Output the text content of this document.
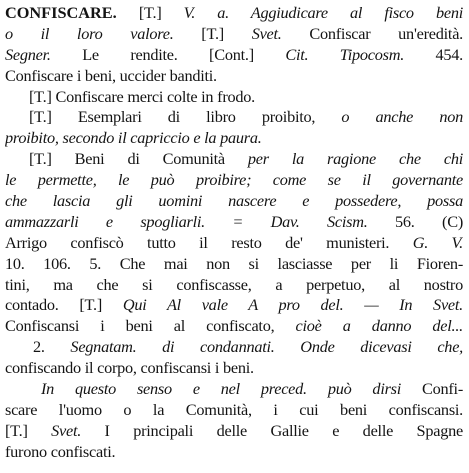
CONFISCARE. [T.] V. a. Aggiudicare al fisco beni
o il loro valore. [T.] Svet. Confiscar un'eredità.
Segner. Le rendite. [Cont.] Cit. Tipocosm. 454.
Confiscare i beni, uccider banditi.
[T.] Confiscare merci colte in frodo.
[T.] Esemplari di libro proibito, o anche non
proibito, secondo il capriccio e la paura.
[T.] Beni di Comunità per la ragione che chi
le permette, le può proibire; come se il governante
che lascia gli uomini nascere e possedere, possa
ammazzarli e spogliarli. = Dav. Scism. 56. (C)
Arrigo confiscò tutto il resto de' munisteri. G. V.
10. 106. 5. Che mai non si lasciasse per li Fioren-
tini, ma che si confiscasse, a perpetuo, al nostro
contado. [T.] Qui Al vale A pro del. — In Svet.
Confiscansi i beni al confiscato, cioè a danno del...
2. Segnatam. di condannati. Onde dicevasi che,
confiscando il corpo, confiscansi i beni.
In questo senso e nel preced. può dirsi Confi-
scare l'uomo o la Comunità, i cui beni confiscansi.
[T.] Svet. I principali delle Gallie e delle Spagne
furono confiscati.
